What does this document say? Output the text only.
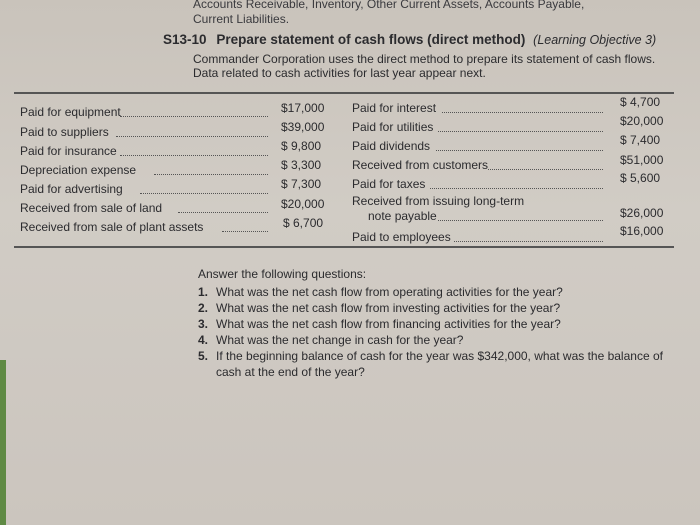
Accounts Receivable, Inventory, Other Current Assets, Accounts Payable,
Current Liabilities.
S13-10 Prepare statement of cash flows (direct method) (Learning Objective 3)
Commander Corporation uses the direct method to prepare its statement of cash flows. Data related to cash activities for last year appear next.
Paid for equipment	$17,000
Paid to suppliers	$39,000
Paid for insurance	$ 9,800
Depreciation expense	$ 3,300
Paid for advertising	$ 7,300
Received from sale of land	$20,000
Received from sale of plant assets	$ 6,700
Paid for interest	$ 4,700
Paid for utilities	$20,000
Paid dividends	$ 7,400
Received from customers	$51,000
Paid for taxes	$ 5,600
Received from issuing long-term
note payable	$26,000
Paid to employees	$16,000
Answer the following questions:
1. What was the net cash flow from operating activities for the year?
2. What was the net cash flow from investing activities for the year?
3. What was the net cash flow from financing activities for the year?
4. What was the net change in cash for the year?
5. If the beginning balance of cash for the year was $342,000, what was the balance of cash at the end of the year?
